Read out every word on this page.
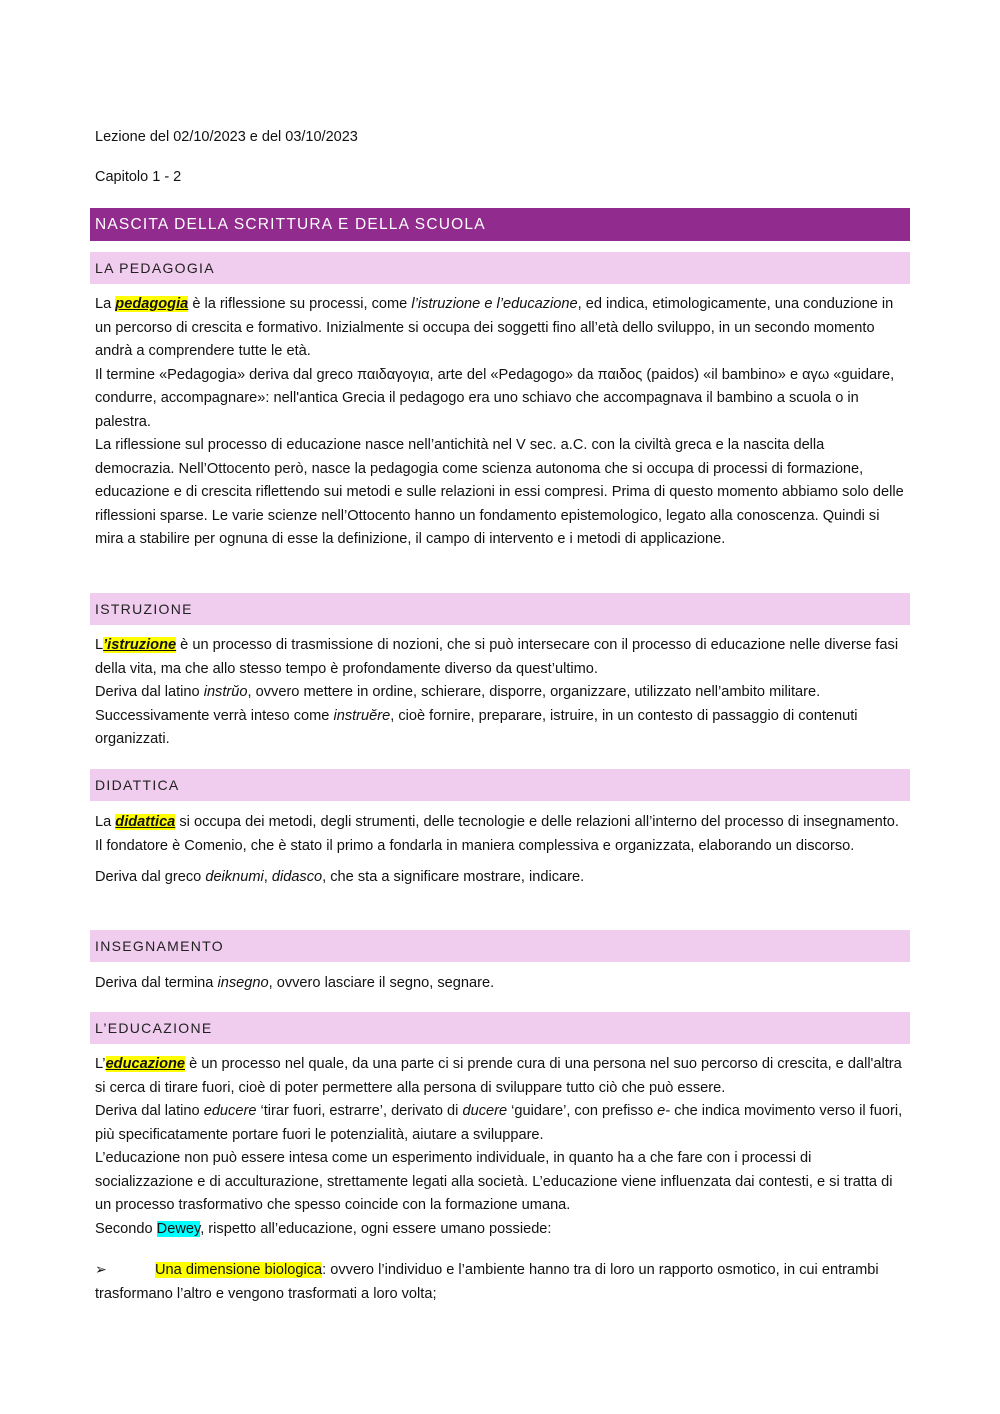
Lezione del 02/10/2023 e del 03/10/2023
Capitolo 1 - 2
NASCITA DELLA SCRITTURA E DELLA SCUOLA
LA PEDAGOGIA
La pedagogia è la riflessione su processi, come l’istruzione e l’educazione, ed indica, etimologicamente, una conduzione in un percorso di crescita e formativo. Inizialmente si occupa dei soggetti fino all’età dello sviluppo, in un secondo momento andrà a comprendere tutte le età.
Il termine «Pedagogia» deriva dal greco παιδαγογια, arte del «Pedagogo» da παιδος (paidos) «il bambino» e αγω «guidare, condurre, accompagnare»: nell'antica Grecia il pedagogo era uno schiavo che accompagnava il bambino a scuola o in palestra.
La riflessione sul processo di educazione nasce nell’antichità nel V sec. a.C. con la civiltà greca e la nascita della democrazia. Nell’Ottocento però, nasce la pedagogia come scienza autonoma che si occupa di processi di formazione, educazione e di crescita riflettendo sui metodi e sulle relazioni in essi compresi. Prima di questo momento abbiamo solo delle riflessioni sparse. Le varie scienze nell’Ottocento hanno un fondamento epistemologico, legato alla conoscenza. Quindi si mira a stabilire per ognuna di esse la definizione, il campo di intervento e i metodi di applicazione.
ISTRUZIONE
L’istruzione è un processo di trasmissione di nozioni, che si può intersecare con il processo di educazione nelle diverse fasi della vita, ma che allo stesso tempo è profondamente diverso da quest’ultimo.
Deriva dal latino instrŭo, ovvero mettere in ordine, schierare, disporre, organizzare, utilizzato nell’ambito militare.
Successivamente verrà inteso come instruĕre, cioè fornire, preparare, istruire, in un contesto di passaggio di contenuti organizzati.
DIDATTICA
La didattica si occupa dei metodi, degli strumenti, delle tecnologie e delle relazioni all’interno del processo di insegnamento. Il fondatore è Comenio, che è stato il primo a fondarla in maniera complessiva e organizzata, elaborando un discorso.
Deriva dal greco deiknumi, didasco, che sta a significare mostrare, indicare.
INSEGNAMENTO
Deriva dal termina insegno, ovvero lasciare il segno, segnare.
L’EDUCAZIONE
L’educazione è un processo nel quale, da una parte ci si prende cura di una persona nel suo percorso di crescita, e dall'altra si cerca di tirare fuori, cioè di poter permettere alla persona di sviluppare tutto ciò che può essere.
Deriva dal latino educere ‘tirar fuori, estrarre’, derivato di ducere ‘guidare’, con prefisso e- che indica movimento verso il fuori, più specificatamente portare fuori le potenzialità, aiutare a sviluppare.
L’educazione non può essere intesa come un esperimento individuale, in quanto ha a che fare con i processi di socializzazione e di acculturazione, strettamente legati alla società. L’educazione viene influenzata dai contesti, e si tratta di un processo trasformativo che spesso coincide con la formazione umana.
Secondo Dewey, rispetto all’educazione, ogni essere umano possiede:
➢	Una dimensione biologica: ovvero l’individuo e l’ambiente hanno tra di loro un rapporto osmotico, in cui entrambi trasformano l’altro e vengono trasformati a loro volta;
